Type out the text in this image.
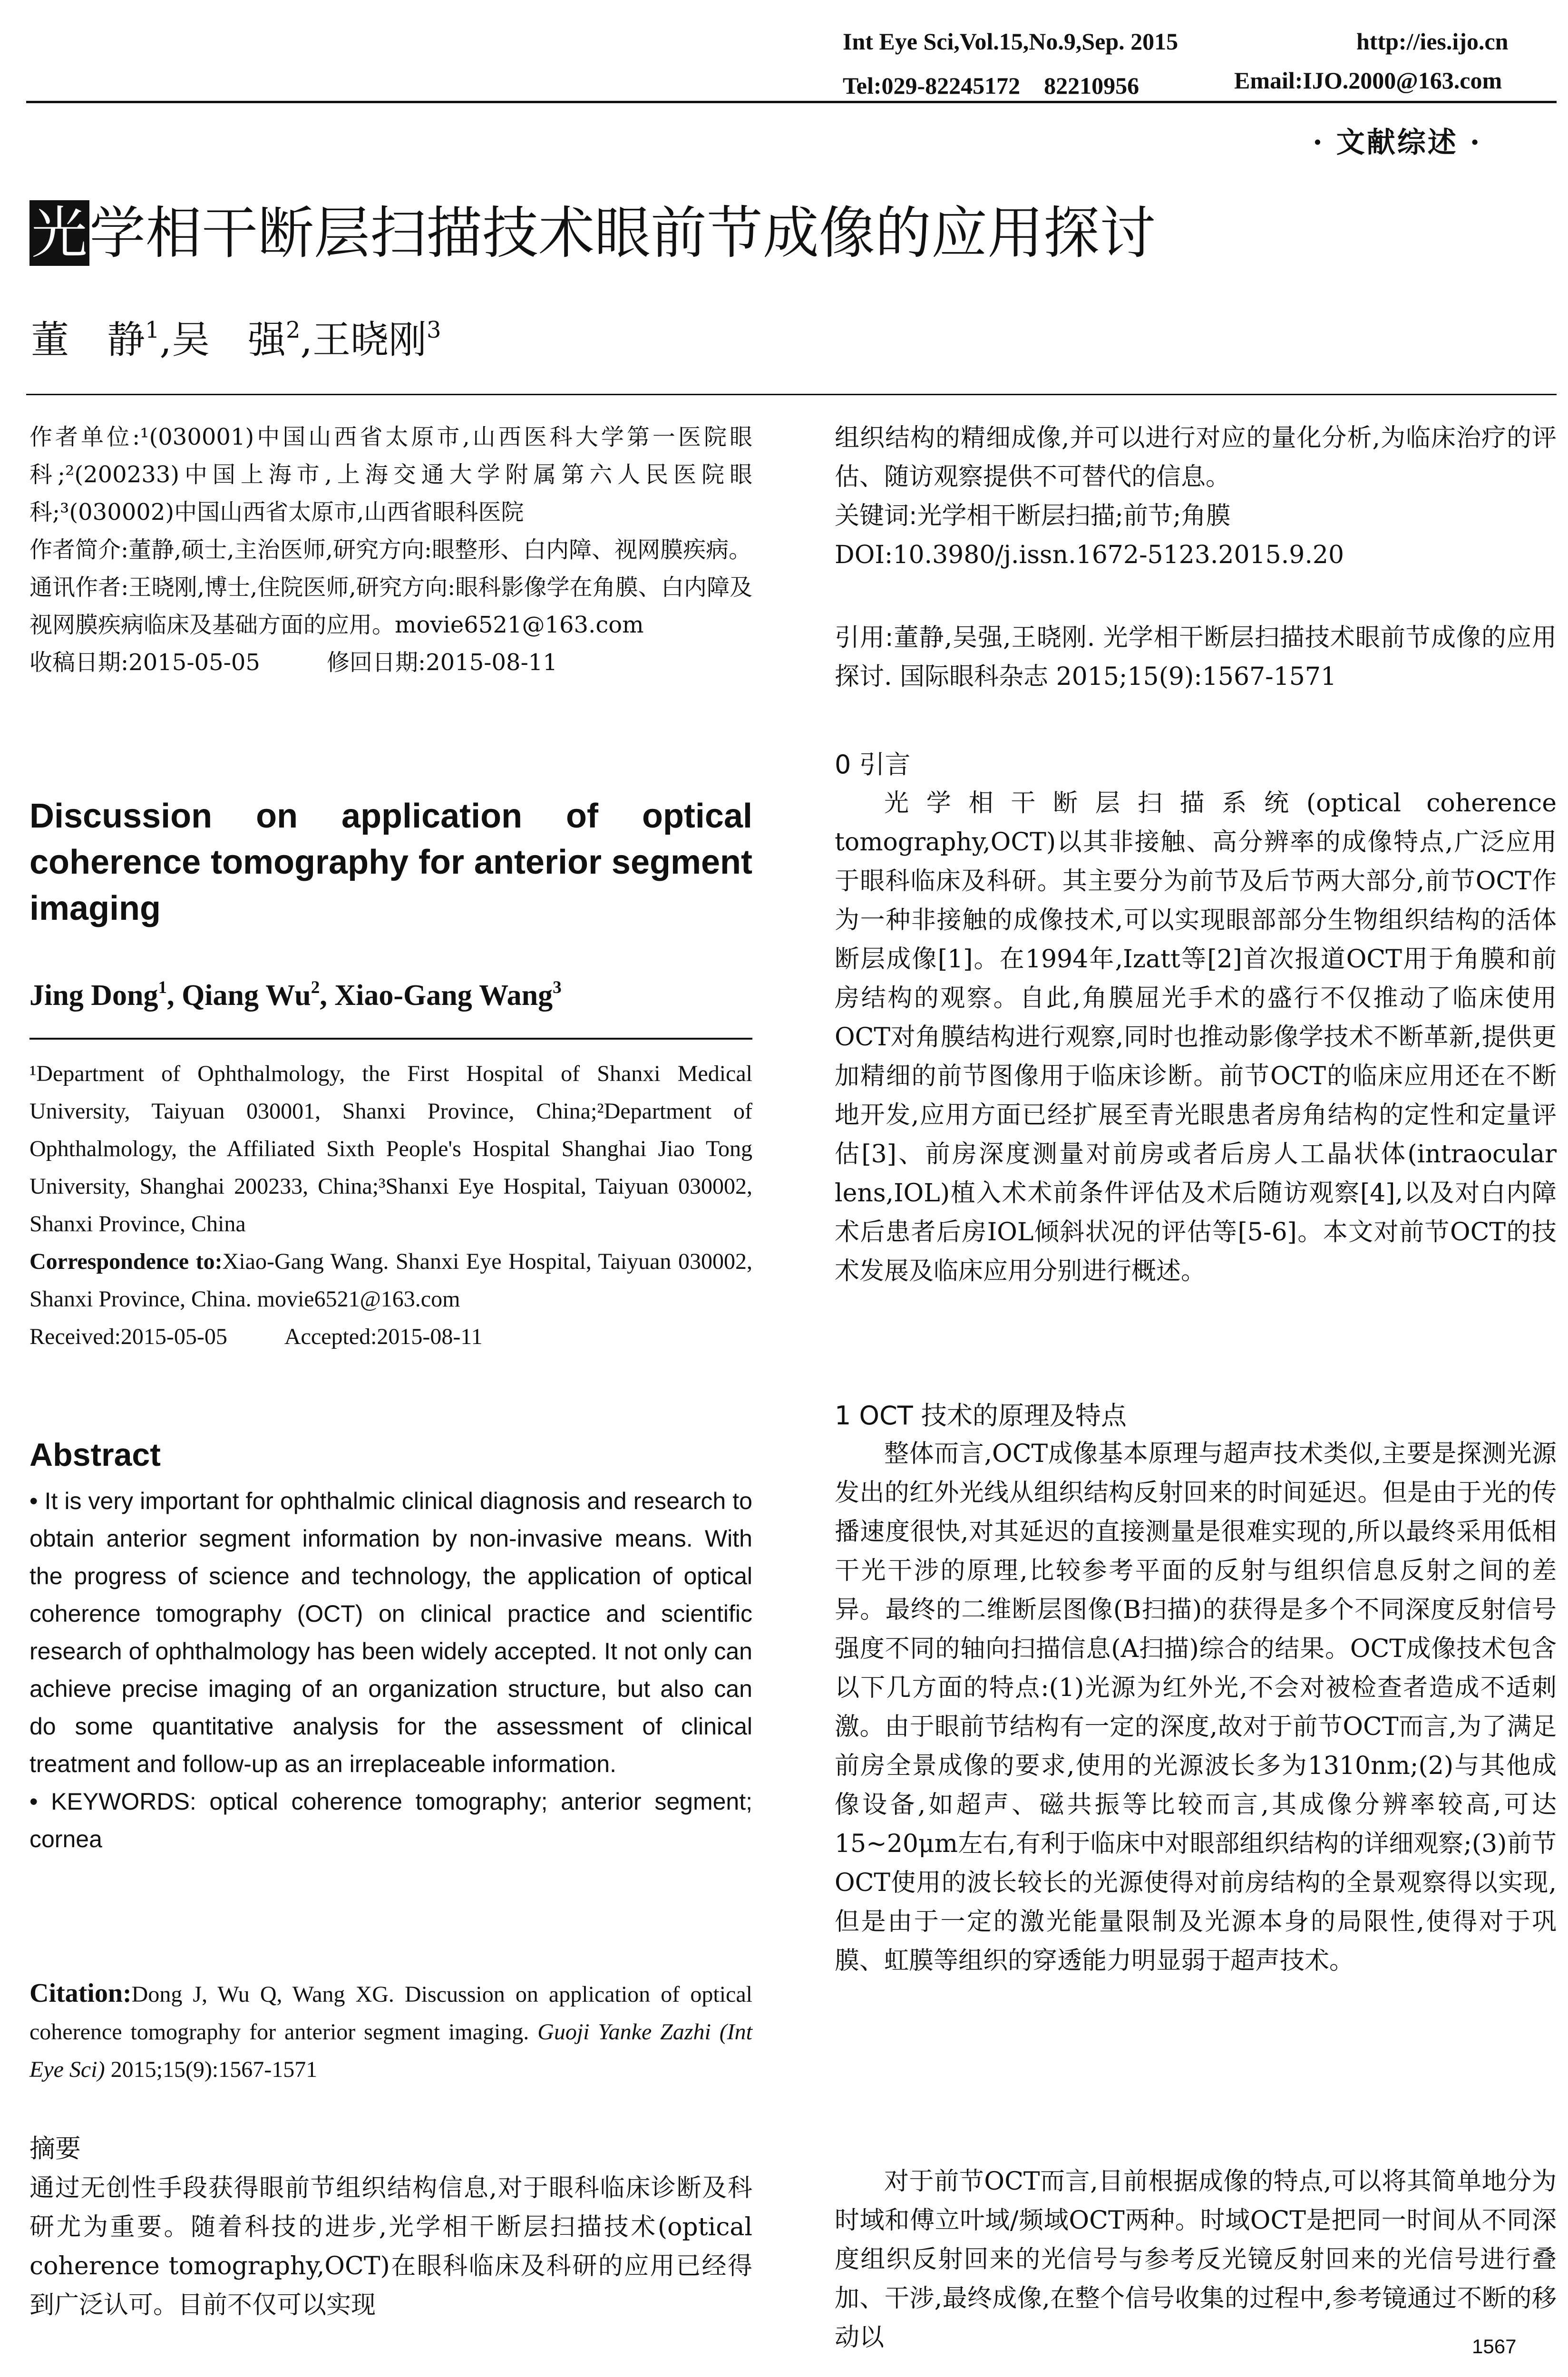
Int Eye Sci,Vol.15,No.9,Sep. 2015	http://ies.ijo.cn
Tel:029-82245172　82210956	Email:IJO.2000@163.com
· 文献综述 ·
光学相干断层扫描技术眼前节成像的应用探讨
董　静$^1$,吴　强$^2$,王晓刚$^3$

作者单位:¹(030001)中国山西省太原市,山西医科大学第一医院眼科;²(200233)中国上海市,上海交通大学附属第六人民医院眼科;³(030002)中国山西省太原市,山西省眼科医院

作者简介:董静,硕士,主治医师,研究方向:眼整形、白内障、视网膜疾病。

通讯作者:王晓刚,博士,住院医师,研究方向:眼科影像学在角膜、白内障及视网膜疾病临床及基础方面的应用。movie6521@163.com

收稿日期:2015-05-05	修回日期:2015-08-11

Discussion on application of optical coherence tomography for anterior segment imaging
Jing Dong$^1$, Qiang Wu$^2$, Xiao-Gang Wang$^3$

¹Department of Ophthalmology, the First Hospital of Shanxi Medical University, Taiyuan 030001, Shanxi Province, China;²Department of Ophthalmology, the Affiliated Sixth People's Hospital Shanghai Jiao Tong University, Shanghai 200233, China;³Shanxi Eye Hospital, Taiyuan 030002, Shanxi Province, China

Correspondence to:Xiao-Gang Wang. Shanxi Eye Hospital, Taiyuan 030002, Shanxi Province, China. movie6521@163.com

Received:2015-05-05	Accepted:2015-08-11

Abstract

• It is very important for ophthalmic clinical diagnosis and research to obtain anterior segment information by non-invasive means. With the progress of science and technology, the application of optical coherence tomography (OCT) on clinical practice and scientific research of ophthalmology has been widely accepted. It not only can achieve precise imaging of an organization structure, but also can do some quantitative analysis for the assessment of clinical treatment and follow-up as an irreplaceable information.

• KEYWORDS: optical coherence tomography; anterior segment; cornea

Citation:Dong J, Wu Q, Wang XG. Discussion on application of optical coherence tomography for anterior segment imaging. Guoji Yanke Zazhi (Int Eye Sci) 2015;15(9):1567-1571
摘要
通过无创性手段获得眼前节组织结构信息,对于眼科临床诊断及科研尤为重要。随着科技的进步,光学相干断层扫描技术(optical coherence tomography,OCT)在眼科临床及科研的应用已经得到广泛认可。目前不仅可以实现

组织结构的精细成像,并可以进行对应的量化分析,为临床治疗的评估、随访观察提供不可替代的信息。

关键词:光学相干断层扫描;前节;角膜

DOI:10.3980/j.issn.1672-5123.2015.9.20

引用:董静,吴强,王晓刚. 光学相干断层扫描技术眼前节成像的应用探讨. 国际眼科杂志 2015;15(9):1567-1571
0 引言
光学相干断层扫描系统(optical coherence tomography,OCT)以其非接触、高分辨率的成像特点,广泛应用于眼科临床及科研。其主要分为前节及后节两大部分,前节OCT作为一种非接触的成像技术,可以实现眼部部分生物组织结构的活体断层成像[1]。在1994年,Izatt等[2]首次报道OCT用于角膜和前房结构的观察。自此,角膜屈光手术的盛行不仅推动了临床使用OCT对角膜结构进行观察,同时也推动影像学技术不断革新,提供更加精细的前节图像用于临床诊断。前节OCT的临床应用还在不断地开发,应用方面已经扩展至青光眼患者房角结构的定性和定量评估[3]、前房深度测量对前房或者后房人工晶状体(intraocular lens,IOL)植入术术前条件评估及术后随访观察[4],以及对白内障术后患者后房IOL倾斜状况的评估等[5-6]。本文对前节OCT的技术发展及临床应用分别进行概述。
1 OCT 技术的原理及特点
整体而言,OCT成像基本原理与超声技术类似,主要是探测光源发出的红外光线从组织结构反射回来的时间延迟。但是由于光的传播速度很快,对其延迟的直接测量是很难实现的,所以最终采用低相干光干涉的原理,比较参考平面的反射与组织信息反射之间的差异。最终的二维断层图像(B扫描)的获得是多个不同深度反射信号强度不同的轴向扫描信息(A扫描)综合的结果。OCT成像技术包含以下几方面的特点:(1)光源为红外光,不会对被检查者造成不适刺激。由于眼前节结构有一定的深度,故对于前节OCT而言,为了满足前房全景成像的要求,使用的光源波长多为1310nm;(2)与其他成像设备,如超声、磁共振等比较而言,其成像分辨率较高,可达15~20μm左右,有利于临床中对眼部组织结构的详细观察;(3)前节OCT使用的波长较长的光源使得对前房结构的全景观察得以实现,但是由于一定的激光能量限制及光源本身的局限性,使得对于巩膜、虹膜等组织的穿透能力明显弱于超声技术。
对于前节OCT而言,目前根据成像的特点,可以将其简单地分为时域和傅立叶域/频域OCT两种。时域OCT是把同一时间从不同深度组织反射回来的光信号与参考反光镜反射回来的光信号进行叠加、干涉,最终成像,在整个信号收集的过程中,参考镜通过不断的移动以	1567
